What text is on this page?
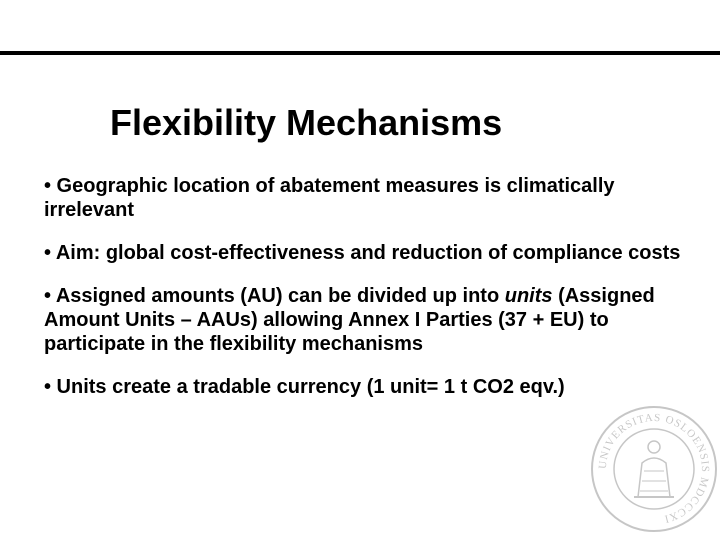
Flexibility Mechanisms
• Geographic location of abatement measures is climatically irrelevant
• Aim: global cost-effectiveness and reduction of compliance costs
• Assigned amounts (AU) can be divided up into units (Assigned Amount Units – AAUs) allowing Annex I Parties (37 + EU) to participate in the flexibility mechanisms
• Units create a tradable currency (1 unit= 1 t CO2 eqv.)
UNIVERSITAS OSLOENSIS MDCCCXI
